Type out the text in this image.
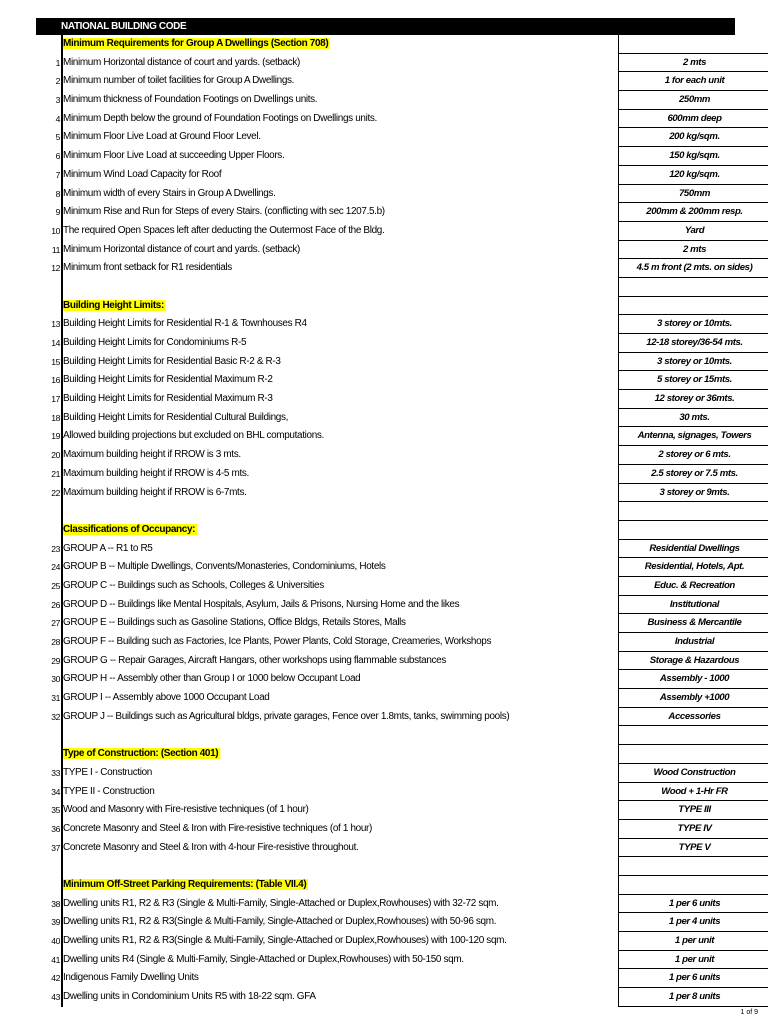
NATIONAL BUILDING CODE
Minimum Requirements for Group A Dwellings (Section 708)
1 Minimum Horizontal distance of court and yards. (setback)	2 mts
2 Minimum number of toilet facilities for Group A Dwellings.	1 for each unit
3 Minimum thickness of Foundation Footings on Dwellings units.	250mm
4 Minimum Depth below the ground of Foundation Footings on Dwellings units.	600mm deep
5 Minimum Floor Live Load at Ground Floor Level.	200 kg/sqm.
6 Minimum Floor Live Load at succeeding Upper Floors.	150 kg/sqm.
7 Minimum Wind Load Capacity for Roof	120 kg/sqm.
8 Minimum width of every Stairs in Group A Dwellings.	750mm
9 Minimum Rise and Run for Steps of every Stairs. (conflicting with sec 1207.5.b)	200mm & 200mm resp.
10 The required Open Spaces left after deducting the Outermost Face of the Bldg.	Yard
11 Minimum Horizontal distance of court and yards. (setback)	2 mts
12 Minimum front setback for R1 residentials	4.5 m front (2 mts. on sides)
Building Height Limits:
13 Building Height Limits for Residential R-1 & Townhouses R4	3 storey or 10mts.
14 Building Height Limits for Condominiums R-5	12-18 storey/36-54 mts.
15 Building Height Limits for Residential Basic R-2 & R-3	3 storey or 10mts.
16 Building Height Limits for Residential Maximum R-2	5 storey or 15mts.
17 Building Height Limits for Residential Maximum R-3	12 storey or 36mts.
18 Building Height Limits for Residential Cultural Buildings,	30 mts.
19 Allowed building projections but excluded on BHL computations.	Antenna, signages, Towers
20 Maximum building height if RROW is 3 mts.	2 storey or 6 mts.
21 Maximum building height if RROW is 4-5 mts.	2.5 storey or 7.5 mts.
22 Maximum building height if RROW is 6-7mts.	3 storey or 9mts.
Classifications of Occupancy:
23 GROUP A -- R1 to R5	Residential Dwellings
24 GROUP B -- Multiple Dwellings, Convents/Monasteries, Condominiums, Hotels	Residential, Hotels, Apt.
25 GROUP C -- Buildings such as Schools, Colleges & Universities	Educ. & Recreation
26 GROUP D -- Buildings like Mental Hospitals, Asylum, Jails & Prisons, Nursing Home and the likes	Institutional
27 GROUP E -- Buildings such as Gasoline Stations, Office Bldgs, Retails Stores, Malls	Business & Mercantile
28 GROUP F -- Building such as Factories, Ice Plants, Power Plants, Cold Storage, Creameries, Workshops	Industrial
29 GROUP G -- Repair Garages, Aircraft Hangars, other workshops using flammable substances	Storage & Hazardous
30 GROUP H -- Assembly other than Group I or 1000 below Occupant Load	Assembly - 1000
31 GROUP I -- Assembly above 1000 Occupant Load	Assembly +1000
32 GROUP J -- Buildings such as Agricultural bldgs, private garages, Fence over 1.8mts, tanks, swimming pools)	Accessories
Type of Construction: (Section 401)
33 TYPE I - Construction	Wood Construction
34 TYPE II - Construction	Wood + 1-Hr FR
35 Wood and Masonry with Fire-resistive techniques (of 1 hour)	TYPE III
36 Concrete Masonry and Steel & Iron with Fire-resistive techniques (of 1 hour)	TYPE IV
37 Concrete Masonry and Steel & Iron with 4-hour Fire-resistive throughout.	TYPE V
Minimum Off-Street Parking Requirements: (Table VII.4)
38 Dwelling units R1, R2 & R3 (Single & Multi-Family, Single-Attached or Duplex,Rowhouses) with 32-72 sqm.	1 per 6 units
39 Dwelling units R1, R2 & R3(Single & Multi-Family, Single-Attached or Duplex,Rowhouses) with 50-96 sqm.	1 per 4 units
40 Dwelling units R1, R2 & R3(Single & Multi-Family, Single-Attached or Duplex,Rowhouses) with 100-120 sqm.	1 per unit
41 Dwelling units R4 (Single & Multi-Family, Single-Attached or Duplex,Rowhouses) with 50-150 sqm.	1 per unit
42 Indigenous Family Dwelling Units	1 per 6 units
43 Dwelling units in Condominium Units R5 with 18-22 sqm. GFA	1 per 8 units
1 of 9
